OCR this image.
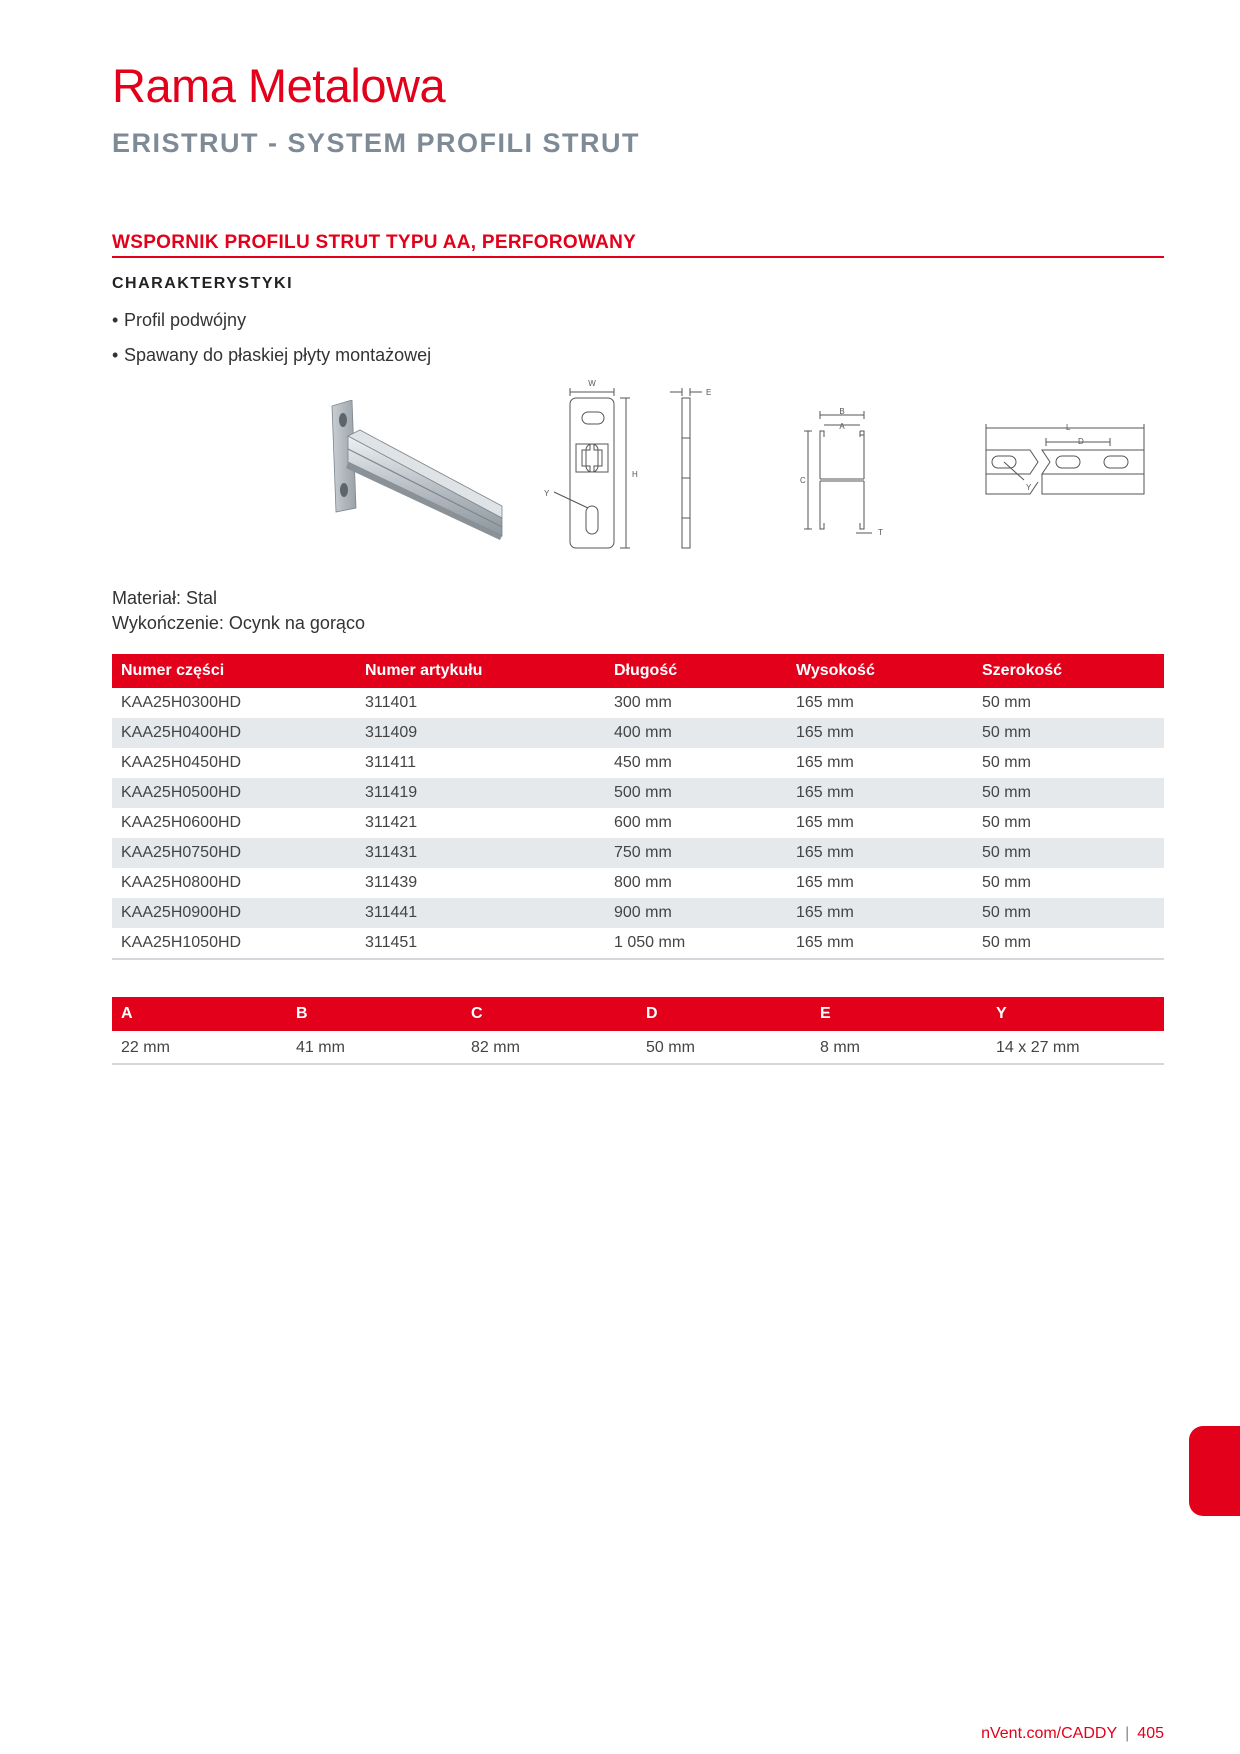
Rama Metalowa
ERISTRUT - SYSTEM PROFILI STRUT
WSPORNIK PROFILU STRUT TYPU AA, PERFOROWANY
CHARAKTERYSTYKI
• Profil podwójny
• Spawany do płaskiej płyty montażowej
W
H
Y
E
B
A
C
T
L
D
Y
Materiał: Stal
Wykończenie: Ocynk na gorąco
Numer części	Numer artykułu	Długość	Wysokość	Szerokość
KAA25H0300HD	311401	300 mm	165 mm	50 mm
KAA25H0400HD	311409	400 mm	165 mm	50 mm
KAA25H0450HD	311411	450 mm	165 mm	50 mm
KAA25H0500HD	311419	500 mm	165 mm	50 mm
KAA25H0600HD	311421	600 mm	165 mm	50 mm
KAA25H0750HD	311431	750 mm	165 mm	50 mm
KAA25H0800HD	311439	800 mm	165 mm	50 mm
KAA25H0900HD	311441	900 mm	165 mm	50 mm
KAA25H1050HD	311451	1 050 mm	165 mm	50 mm
A	B	C	D	E	Y
22 mm	41 mm	82 mm	50 mm	8 mm	14 x 27 mm
nVent.com/CADDY | 405
